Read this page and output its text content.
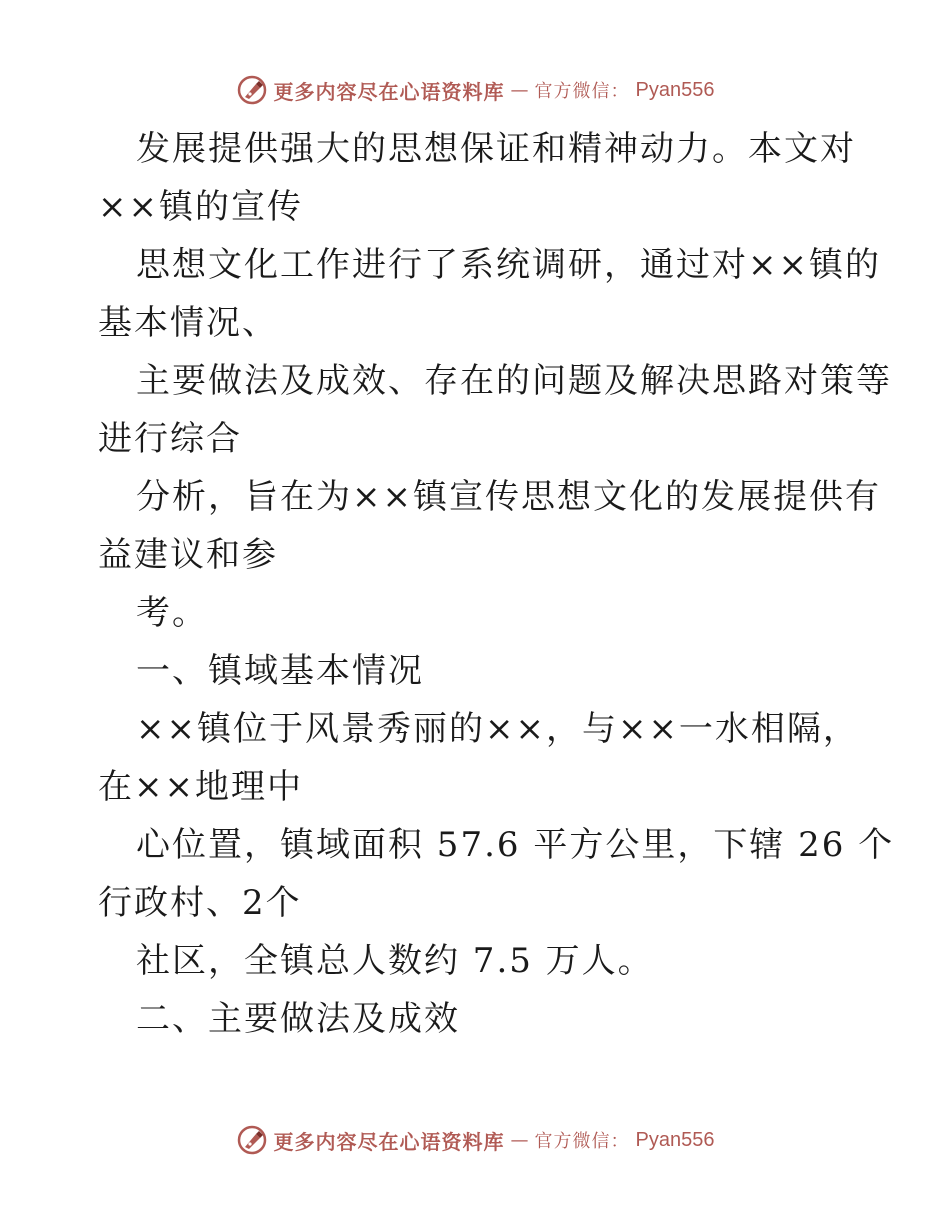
更多内容尽在心语资料库 — 官方微信： Pyan556
发展提供强大的思想保证和精神动力。本文对
××镇的宣传
思想文化工作进行了系统调研，通过对××镇的
基本情况、
主要做法及成效、存在的问题及解决思路对策等
进行综合
分析，旨在为××镇宣传思想文化的发展提供有
益建议和参
考。
一、镇域基本情况
××镇位于风景秀丽的××，与××一水相隔，
在××地理中
心位置，镇域面积 57.6 平方公里，下辖 26 个
行政村、2个
社区，全镇总人数约 7.5 万人。
二、主要做法及成效
更多内容尽在心语资料库 — 官方微信： Pyan556
